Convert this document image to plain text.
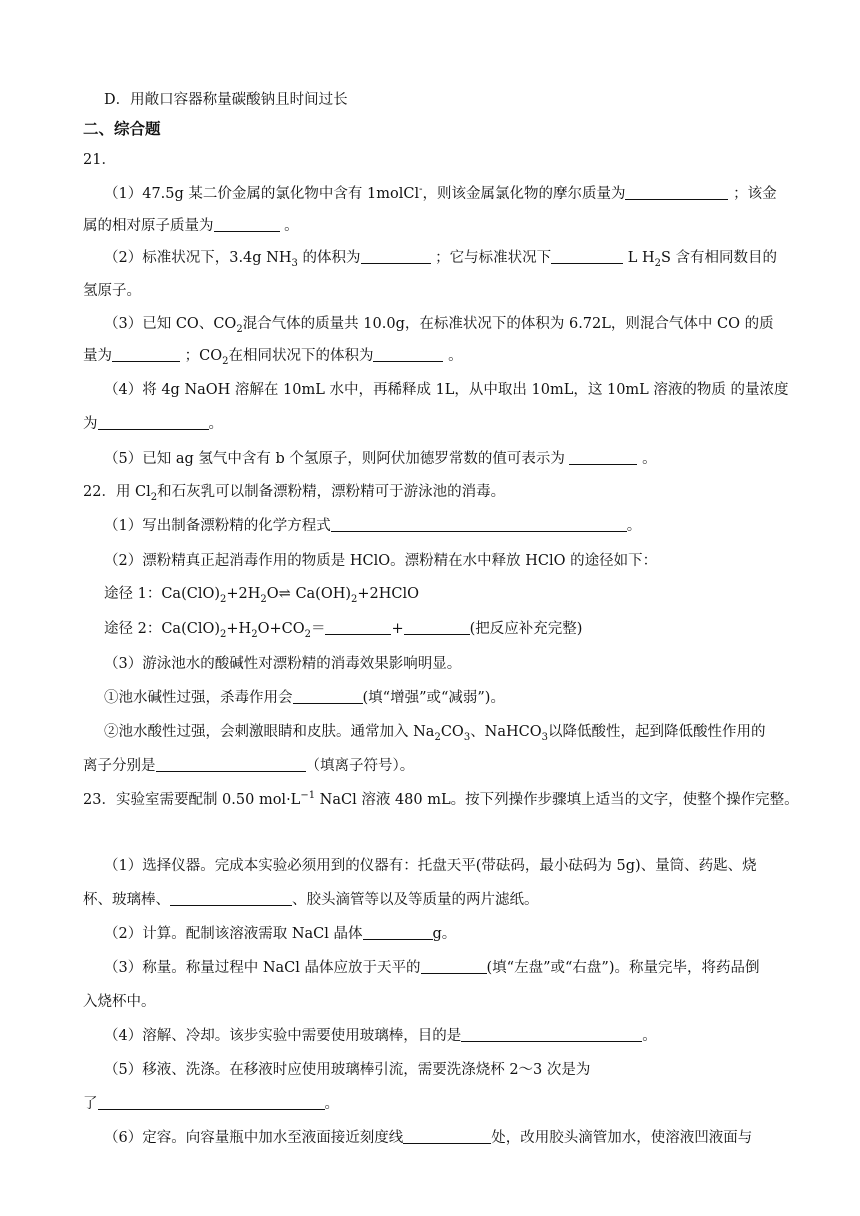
D．用敞口容器称量碳酸钠且时间过长
二、综合题
21．
（1）47.5g 某二价金属的氯化物中含有 1molCl-，则该金属氯化物的摩尔质量为	；该金
属的相对原子质量为	。
（2）标准状况下，3.4g $NH_3$ 的体积为	；它与标准状况下	L $H_2S$ 含有相同数目的
氢原子。
（3）已知 CO、$CO_2$混合气体的质量共 10.0g，在标准状况下的体积为 6.72L，则混合气体中 CO 的质
量为	；$CO_2$在相同状况下的体积为	。
（4）将 4g NaOH 溶解在 10mL 水中，再稀释成 1L，从中取出 10mL，这 10mL 溶液的物质 的量浓度
为	。
（5）已知 ag 氢气中含有 b 个氢原子，则阿伏加德罗常数的值可表示为	。
22．用 $Cl_2$和石灰乳可以制备漂粉精，漂粉精可于游泳池的消毒。
（1）写出制备漂粉精的化学方程式	。
（2）漂粉精真正起消毒作用的物质是 HClO。漂粉精在水中释放 HClO 的途径如下：
途径 1：$Ca(ClO)_2+2H_2O\rightleftharpoons$ $Ca(OH)_2+2HClO$
途径 2：$Ca(ClO)_2+H_2O+CO_2=$	+	(把反应补充完整)
（3）游泳池水的酸碱性对漂粉精的消毒效果影响明显。
①池水碱性过强，杀毒作用会	(填“增强”或“减弱”)。
②池水酸性过强，会刺激眼睛和皮肤。通常加入 $Na_2CO_3$、NaHCO$_3$以降低酸性，起到降低酸性作用的
离子分别是	（填离子符号）。
23．实验室需要配制 0.50 $mol\cdot L^{-1}$ NaCl 溶液 480 mL。按下列操作步骤填上适当的文字，使整个操作完整。
（1）选择仪器。完成本实验必须用到的仪器有：托盘天平(带砝码，最小砝码为 5g)、量筒、药匙、烧
杯、玻璃棒、	、胶头滴管等以及等质量的两片滤纸。
（2）计算。配制该溶液需取 NaCl 晶体	g。
（3）称量。称量过程中 NaCl 晶体应放于天平的	(填“左盘”或“右盘”)。称量完毕，将药品倒
入烧杯中。
（4）溶解、冷却。该步实验中需要使用玻璃棒，目的是	。
（5）移液、洗涤。在移液时应使用玻璃棒引流，需要洗涤烧杯 2～3 次是为
了	。
（6）定容。向容量瓶中加水至液面接近刻度线	处，改用胶头滴管加水，使溶液凹液面与
